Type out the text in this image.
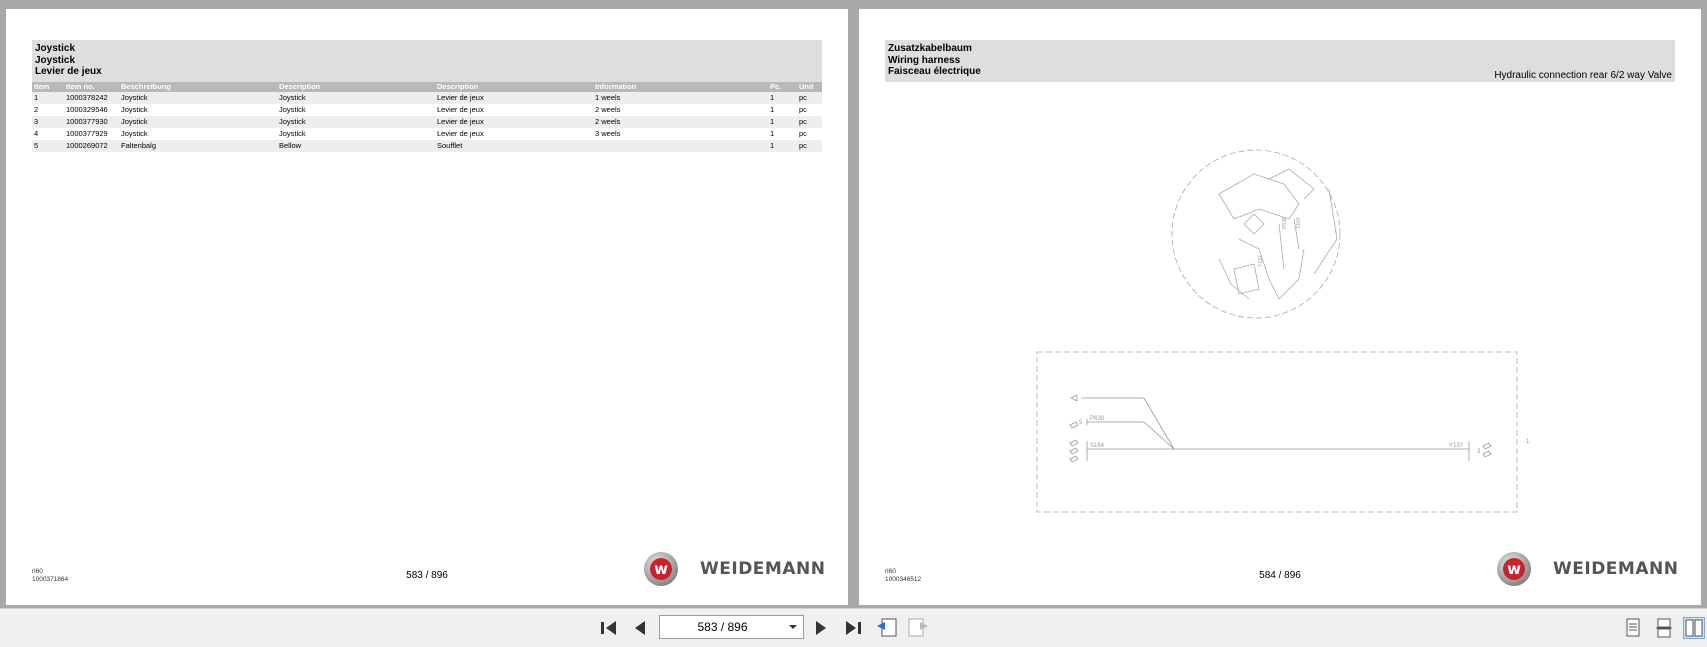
Joystick
Joystick
Levier de jeux
Item	Item no.	Beschreibung	Description	Description	Information	Pc.	Unit
1	1000378242	Joystick	Joystick	Levier de jeux	1 weels	1	pc
2	1000329546	Joystick	Joystick	Levier de jeux	2 weels	1	pc
3	1000377930	Joystick	Joystick	Levier de jeux	2 weels	1	pc
4	1000377929	Joystick	Joystick	Levier de jeux	3 weels	1	pc
5	1000269072	Faltenbalg	Bellow	Soufflet		1	pc
rl60
1000371864	583 / 896	w WEIDEMANN
Zusatzkabelbaum
Wiring harness
Faisceau électrique	Hydraulic connection rear 6/2 way Valve
P638 S164
Y137
P638
S164	Y137
5
1
3
rl60
1000346512	584 / 896	w WEIDEMANN
583 / 896
